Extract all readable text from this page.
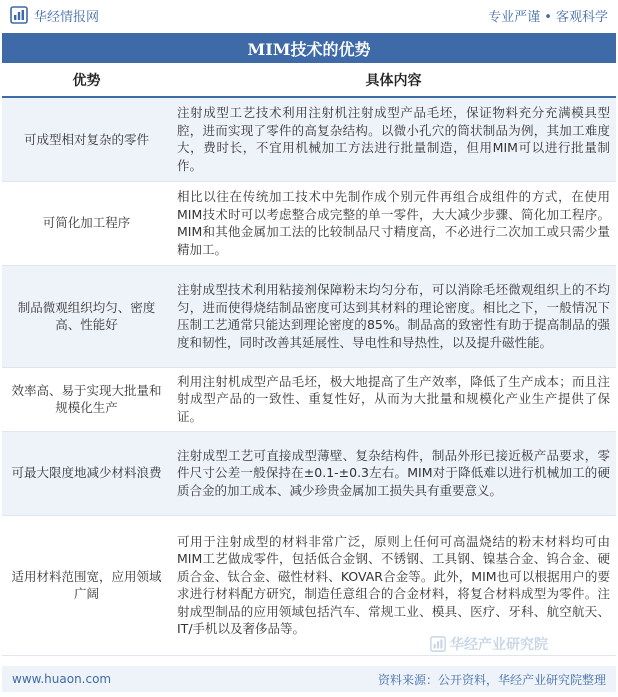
华经情报网	专业严谨 • 客观科学
MIM技术的优势
优势	具体内容
可成型相对复杂的零件	注射成型工艺技术利用注射机注射成型产品毛坯，保证物料充分充满模具型腔，进而实现了零件的高复杂结构。以微小孔穴的筒状制品为例，其加工难度大，费时长，不宜用机械加工方法进行批量制造，但用MIM可以进行批量制作。
可简化加工程序	相比以往在传统加工技术中先制作成个别元件再组合成组件的方式，在使用MIM技术时可以考虑整合成完整的单一零件，大大减少步骤、简化加工程序。MIM和其他金属加工法的比较制品尺寸精度高，不必进行二次加工或只需少量精加工。
制品微观组织均匀、密度高、性能好	注射成型技术利用粘接剂保障粉末均匀分布，可以消除毛坯微观组织上的不均匀，进而使得烧结制品密度可达到其材料的理论密度。相比之下，一般情况下压制工艺通常只能达到理论密度的85%。制品高的致密性有助于提高制品的强度和韧性，同时改善其延展性、导电性和导热性，以及提升磁性能。
效率高、易于实现大批量和规模化生产	利用注射机成型产品毛坯，极大地提高了生产效率，降低了生产成本；而且注射成型产品的一致性、重复性好，从而为大批量和规模化产业生产提供了保证。
可最大限度地减少材料浪费	注射成型工艺可直接成型薄壁、复杂结构件，制品外形已接近极产品要求，零件尺寸公差一般保持在±0.1-±0.3左右。MIM对于降低难以进行机械加工的硬质合金的加工成本、减少珍贵金属加工损失具有重要意义。
适用材料范围宽，应用领域广阔	可用于注射成型的材料非常广泛，原则上任何可高温烧结的粉末材料均可由MIM工艺做成零件，包括低合金钢、不锈钢、工具钢、镍基合金、钨合金、硬质合金、钛合金、磁性材料、KOVAR合金等。此外，MIM也可以根据用户的要求进行材料配方研究，制造任意组合的合金材料，将复合材料成型为零件。注射成型制品的应用领域包括汽车、常规工业、模具、医疗、牙科、航空航天、IT/手机以及奢侈品等。
华经产业研究院
www.huaon.com	资料来源：公开资料，华经产业研究院整理
